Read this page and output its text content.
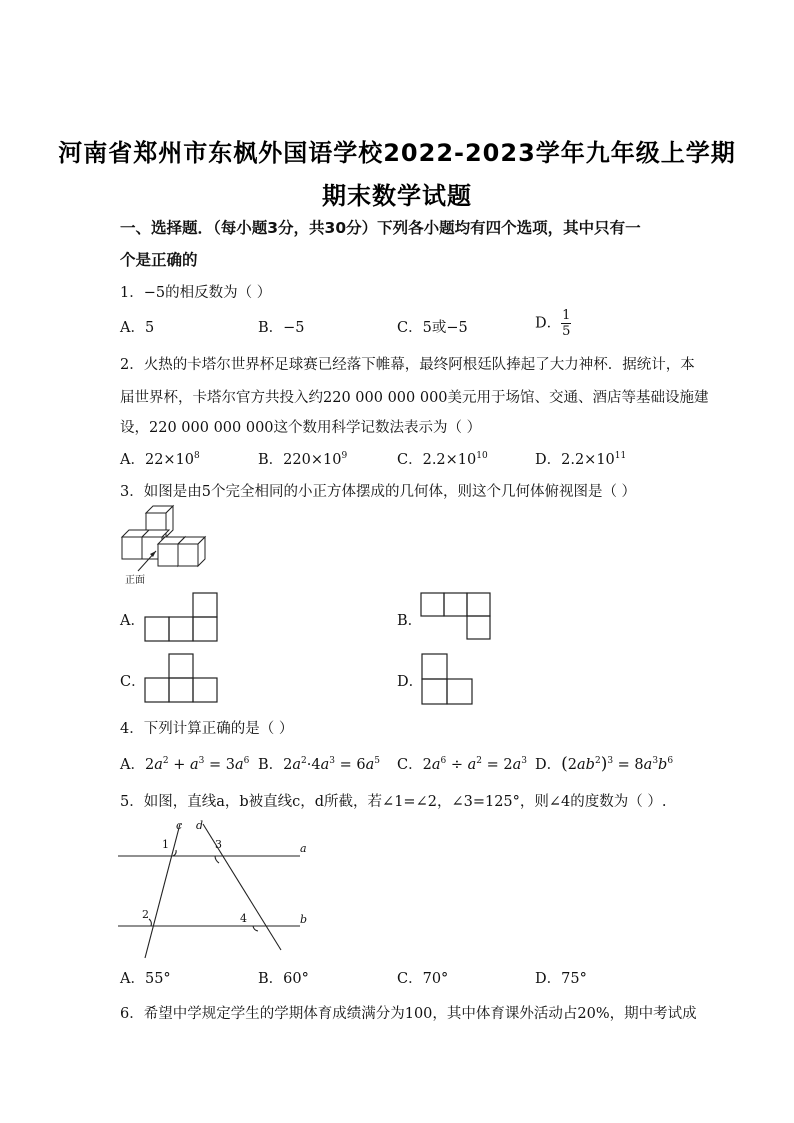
河南省郑州市东枫外国语学校2022-2023学年九年级上学期
期末数学试题
一、选择题．（每小题3分，共30分）下列各小题均有四个选项，其中只有一
个是正确的
1．−5的相反数为（ ）
A．5	B．−5	C．5或−5	D． $\frac{1}{5}$
2．火热的卡塔尔世界杯足球赛已经落下帷幕，最终阿根廷队捧起了大力神杯．据统计，本
届世界杯，卡塔尔官方共投入约220 000 000 000美元用于场馆、交通、酒店等基础设施建
设，220 000 000 000这个数用科学记数法表示为（ ）
A．$22\times 10^8$	B．$220\times 10^9$	C．$2.2\times 10^{10}$	D．$2.2\times 10^{11}$
3．如图是由5个完全相同的小正方体摆成的几何体，则这个几何体俯视图是（ ）
正面
A．	B．
C．	D．
4．下列计算正确的是（ ）
A．$2a^2 + a^3 = 3a^6$ B．$2a^2\cdot 4a^3 = 6a^5$ C．$2a^6 \div a^2 = 2a^3$ D．$(2ab^2)^3 = 8a^3b^6$
5．如图，直线a，b被直线c，d所截，若∠1=∠2，∠3=125°，则∠4的度数为（ ）.
c d
1	3	a
2	4	b
A．55°	B．60°	C．70°	D．75°
6．希望中学规定学生的学期体育成绩满分为100，其中体育课外活动占20%，期中考试成
